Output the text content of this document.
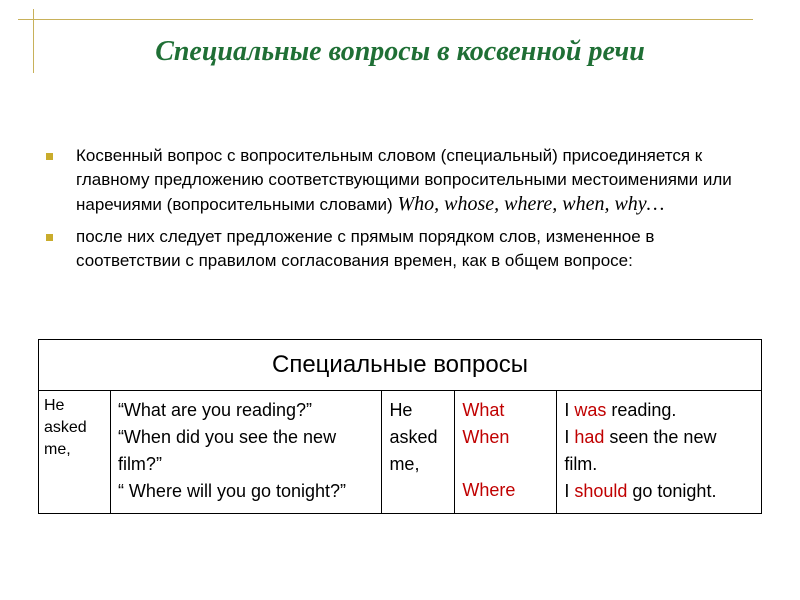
Специальные вопросы в косвенной речи
Косвенный вопрос с вопросительным словом (специальный) присоединяется к главному предложению соответствующими вопросительными местоимениями или наречиями (вопросительными словами) Who, whose, where, when, why…
после них следует предложение с прямым порядком слов, измененное в соответствии с правилом согласования времен, как в общем вопросе:
Специальные вопросы

He
asked
me,

“What are you reading?”
“When did you see the new film?”
“ Where will you go tonight?”

He
asked
me,

What
When
Where

I was reading.
I had seen the new film.
I should go tonight.
